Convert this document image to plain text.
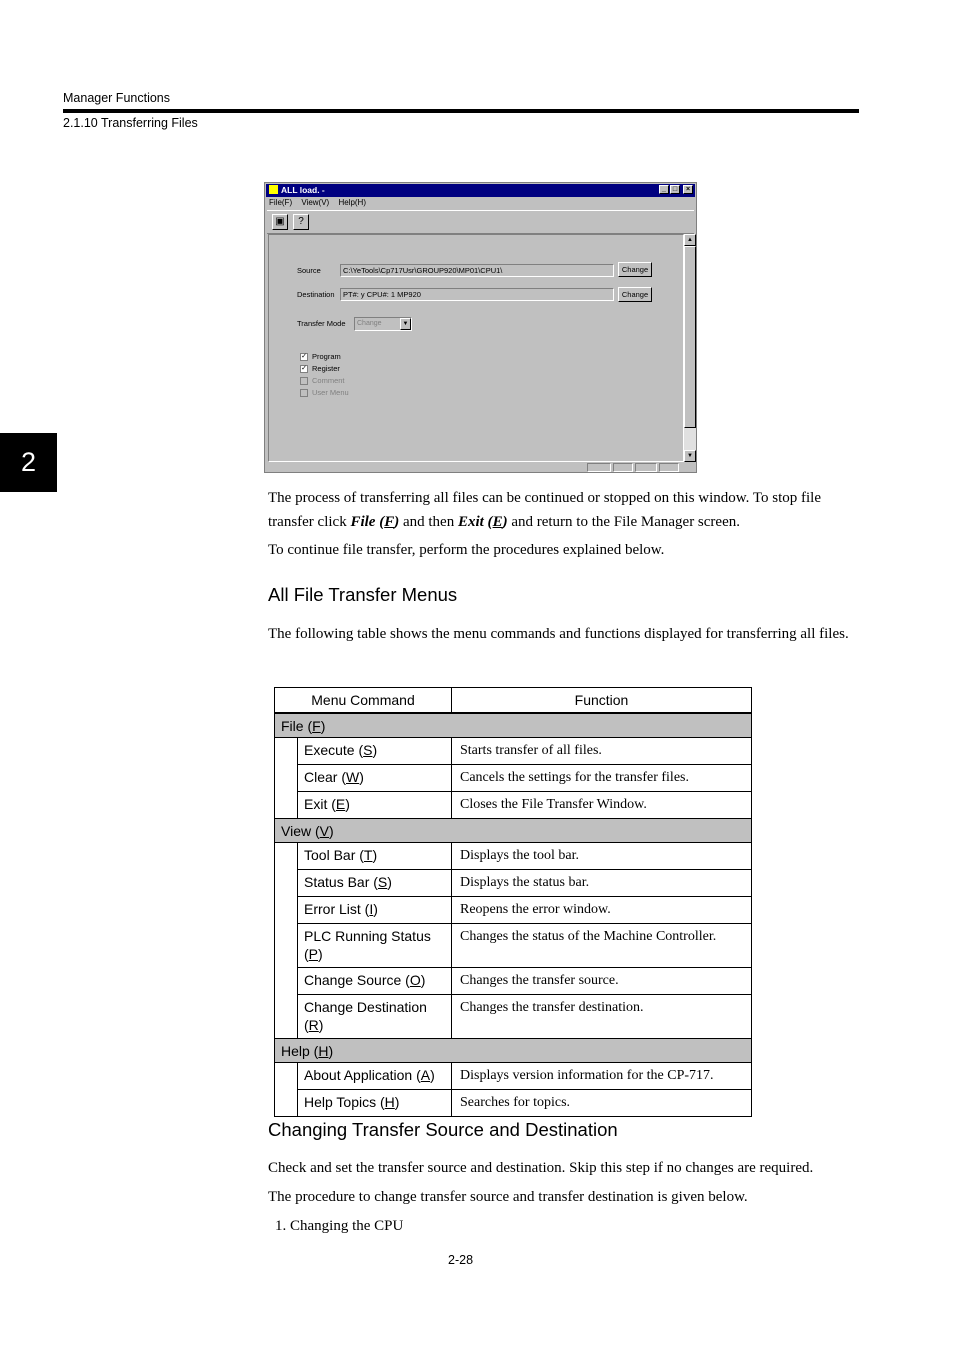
Manager Functions
2.1.10 Transferring Files
2
ALL load. -	_ □	×
File(F) View(V) Help(H)
▣	?
Source	C:\YeTools\Cp717Usr\GROUP920\MP01\CPU1\	Change
Destination	PT#: y CPU#: 1 MP920	Change
Transfer Mode	Change	▼
✓ Program
✓ Register
Comment
User Menu
▲
▼
The process of transferring all files can be continued or stopped on this window. To stop file transfer click File (F) and then Exit (E) and return to the File Manager screen.
To continue file transfer, perform the procedures explained below.
All File Transfer Menus
The following table shows the menu commands and functions displayed for transferring all files.
Menu Command		Function
File (F)		
	Execute (S)	Starts transfer of all files.
	Clear (W)	Cancels the settings for the transfer files.
	Exit (E)	Closes the File Transfer Window.
View (V)		
	Tool Bar (T)	Displays the tool bar.
	Status Bar (S)	Displays the status bar.
	Error List (I)	Reopens the error window.
	PLC Running Status (P)	Changes the status of the Machine Controller.
	Change Source (O)	Changes the transfer source.
	Change Destination (R)	Changes the transfer destination.
Help (H)		
	About Application (A)	Displays version information for the CP-717.
	Help Topics (H)	Searches for topics.
Changing Transfer Source and Destination
Check and set the transfer source and destination. Skip this step if no changes are required.
The procedure to change transfer source and transfer destination is given below.
1. Changing the CPU
2-28
